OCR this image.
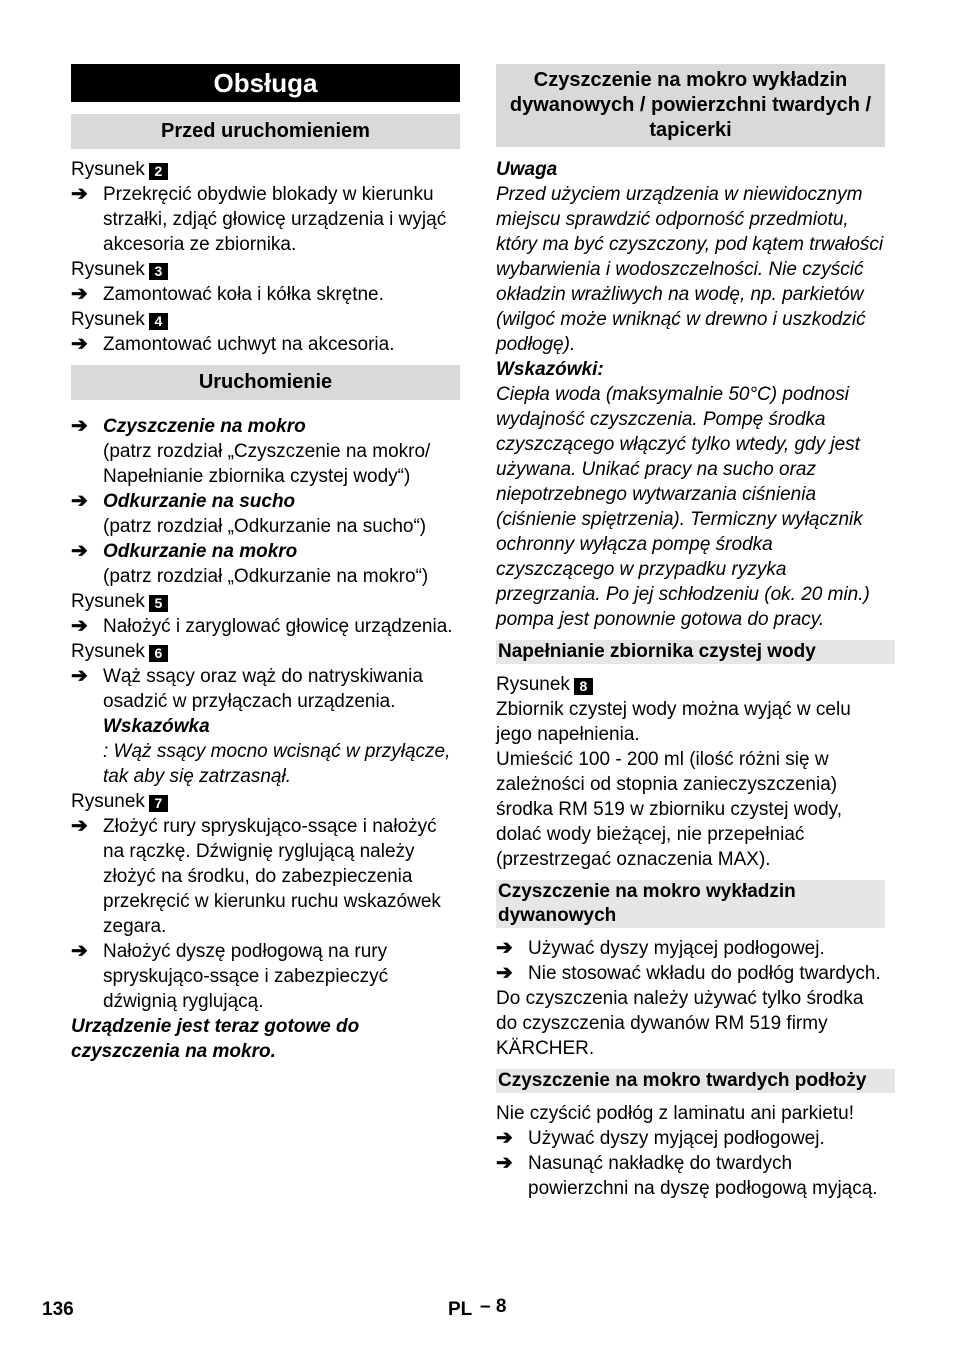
Obsługa
Przed uruchomieniem

Rysunek 2

➔ Przekręcić obydwie blokady w kierunku strzałki, zdjąć głowicę urządzenia i wyjąć akcesoria ze zbiornika.

Rysunek 3

➔ Zamontować koła i kółka skrętne.

Rysunek 4

➔ Zamontować uchwyt na akcesoria.

Uruchomienie

➔ Czyszczenie na mokro
(patrz rozdział „Czyszczenie na mokro/ Napełnianie zbiornika czystej wody“)

➔ Odkurzanie na sucho
(patrz rozdział „Odkurzanie na sucho“)

➔ Odkurzanie na mokro
(patrz rozdział „Odkurzanie na mokro“)

Rysunek 5

➔ Nałożyć i zaryglować głowicę urządzenia.

Rysunek 6

➔ Wąż ssący oraz wąż do natryskiwania osadzić w przyłączach urządzenia.

Wskazówka

: Wąż ssący mocno wcisnąć w przyłącze, tak aby się zatrzasnął.

Rysunek 7

➔ Złożyć rury spryskująco-ssące i nałożyć na rączkę. Dźwignię ryglującą należy złożyć na środku, do zabezpieczenia przekręcić w kierunku ruchu wskazówek zegara.

➔ Nałożyć dyszę podłogową na rury spryskująco-ssące i zabezpieczyć dźwignią ryglującą.

Urządzenie jest teraz gotowe do czyszczenia na mokro.

Czyszczenie na mokro wykładzin dywanowych / powierzchni twardych / tapicerki

Uwaga

Przed użyciem urządzenia w niewidocznym miejscu sprawdzić odporność przedmiotu, który ma być czyszczony, pod kątem trwałości wybarwienia i wodoszczelności. Nie czyścić okładzin wrażliwych na wodę, np. parkietów (wilgoć może wniknąć w drewno i uszkodzić podłogę).

Wskazówki:

Ciepła woda (maksymalnie 50°C) podnosi wydajność czyszczenia. Pompę środka czyszczącego włączyć tylko wtedy, gdy jest używana. Unikać pracy na sucho oraz niepotrzebnego wytwarzania ciśnienia (ciśnienie spiętrzenia). Termiczny wyłącznik ochronny wyłącza pompę środka czyszczącego w przypadku ryzyka przegrzania. Po jej schłodzeniu (ok. 20 min.) pompa jest ponownie gotowa do pracy.

Napełnianie zbiornika czystej wody

Rysunek 8

Zbiornik czystej wody można wyjąć w celu jego napełnienia.

Umieścić 100 - 200 ml (ilość różni się w zależności od stopnia zanieczyszczenia) środka RM 519 w zbiorniku czystej wody, dolać wody bieżącej, nie przepełniać (przestrzegać oznaczenia MAX).

Czyszczenie na mokro wykładzin dywanowych

➔ Używać dyszy myjącej podłogowej.

➔ Nie stosować wkładu do podłóg twardych.

Do czyszczenia należy używać tylko środka do czyszczenia dywanów RM 519 firmy KÄRCHER.

Czyszczenie na mokro twardych podłoży

Nie czyścić podłóg z laminatu ani parkietu!

➔ Używać dyszy myjącej podłogowej.

➔ Nasunąć nakładkę do twardych powierzchni na dyszę podłogową myjącą.

136	PL – 8
